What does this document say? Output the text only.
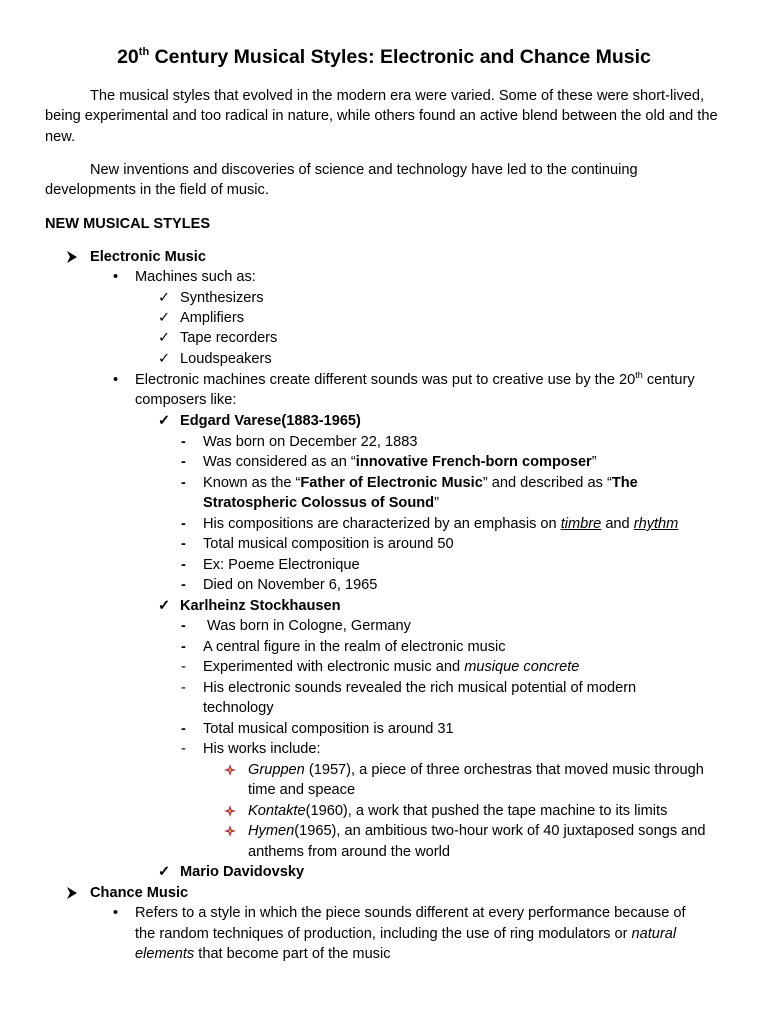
20th Century Musical Styles: Electronic and Chance Music
The musical styles that evolved in the modern era were varied. Some of these were short-lived, being experimental and too radical in nature, while others found an active blend between the old and the new.
New inventions and discoveries of science and technology have led to the continuing developments in the field of music.
NEW MUSICAL STYLES
Electronic Music
• Machines such as:
✓ Synthesizers
✓ Amplifiers
✓ Tape recorders
✓ Loudspeakers
• Electronic machines create different sounds was put to creative use by the 20th century
composers like:
✓ Edgard Varese(1883-1965)
- Was born on December 22, 1883
- Was considered as an “innovative French-born composer”
- Known as the “Father of Electronic Music” and described as “The
Stratospheric Colossus of Sound”
- His compositions are characterized by an emphasis on timbre and rhythm
- Total musical composition is around 50
- Ex: Poeme Electronique
- Died on November 6, 1965
✓ Karlheinz Stockhausen
- Was born in Cologne, Germany
- A central figure in the realm of electronic music
- Experimented with electronic music and musique concrete
- His electronic sounds revealed the rich musical potential of modern
technology
- Total musical composition is around 31
- His works include:
Gruppen (1957), a piece of three orchestras that moved music through
time and speace
Kontakte(1960), a work that pushed the tape machine to its limits
Hymen(1965), an ambitious two-hour work of 40 juxtaposed songs and
anthems from around the world
✓ Mario Davidovsky
Chance Music
• Refers to a style in which the piece sounds different at every performance because of
the random techniques of production, including the use of ring modulators or natural
elements that become part of the music
